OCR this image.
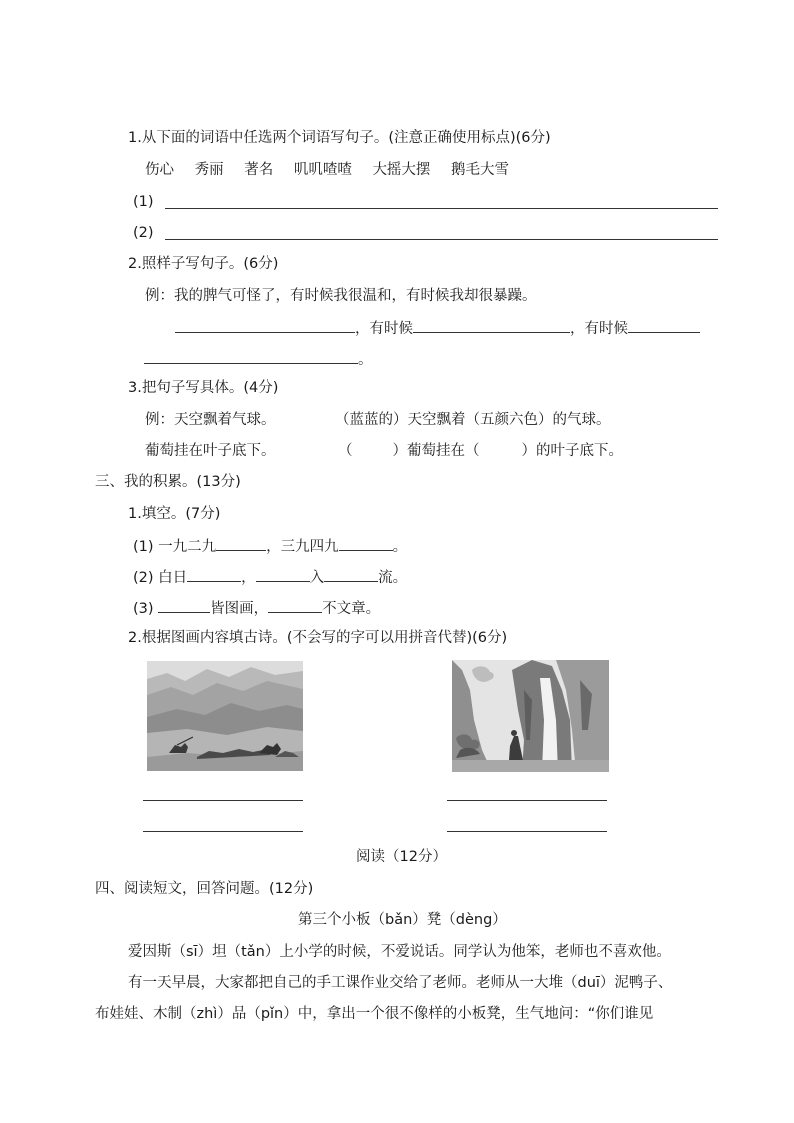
1.从下面的词语中任选两个词语写句子。(注意正确使用标点)(6分)
伤心 秀丽 著名 叽叽喳喳 大摇大摆 鹅毛大雪
(1)
(2)
2.照样子写句子。(6分)
例：我的脾气可怪了，有时候我很温和，有时候我却很暴躁。
，有时候	，有时候
。
3.把句子写具体。(4分)
例：天空飘着气球。	（蓝蓝的）天空飘着（五颜六色）的气球。
葡萄挂在叶子底下。	（	）葡萄挂在（	）的叶子底下。
三、我的积累。(13分)
1.填空。(7分)
(1) 一九二九	，三九四九	。
(2) 白日	，	入	流。
(3)	皆图画，	不文章。
2.根据图画内容填古诗。(不会写的字可以用拼音代替)(6分)
阅读（12分）
四、阅读短文，回答问题。(12分)
第三个小板（bǎn）凳（dèng）
爱因斯（sī）坦（tǎn）上小学的时候，不爱说话。同学认为他笨，老师也不喜欢他。
有一天早晨，大家都把自己的手工课作业交给了老师。老师从一大堆（duī）泥鸭子、
布娃娃、木制（zhì）品（pǐn）中，拿出一个很不像样的小板凳，生气地问：“你们谁见
